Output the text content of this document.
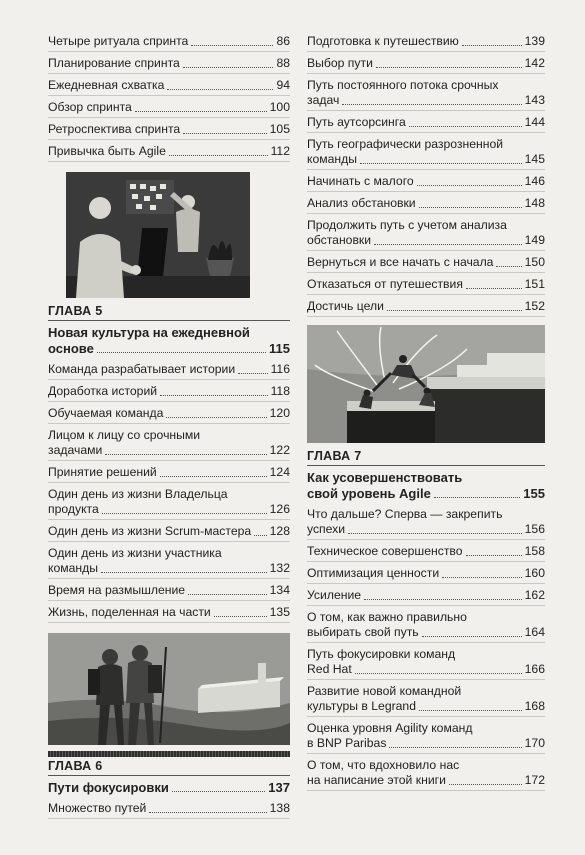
Четыре ритуала спринта	86
Планирование спринта	88
Ежедневная схватка	94
Обзор спринта	100
Ретроспектива спринта	105
Привычка быть Agile	112
ГЛАВА 5
Новая культура на ежедневной
основе	115
Команда разрабатывает истории	116
Доработка историй	118
Обучаемая команда	120
Лицом к лицу со срочными
задачами	122
Принятие решений	124
Один день из жизни Владельца
продукта	126
Один день из жизни Scrum-мастера 128
Один день из жизни участника
команды	132
Время на размышление	134
Жизнь, поделенная на части	135
ГЛАВА 6
Пути фокусировки	137
Множество путей	138
Подготовка к путешествию	139
Выбор пути	142
Путь постоянного потока срочных
задач	143
Путь аутсорсинга	144
Путь географически разрозненной
команды	145
Начинать с малого	146
Анализ обстановки	148
Продолжить путь с учетом анализа
обстановки	149
Вернуться и все начать с начала	150
Отказаться от путешествия	151
Достичь цели	152
ГЛАВА 7
Как усовершенствовать
свой уровень Agile	155
Что дальше? Сперва — закрепить
успехи	156
Техническое совершенство	158
Оптимизация ценности	160
Усиление	162
О том, как важно правильно
выбирать свой путь	164
Путь фокусировки команд
Red Hat	166
Развитие новой командной
культуры в Legrand	168
Оценка уровня Agility команд
в BNP Paribas	170
О том, что вдохновило нас
на написание этой книги	172
